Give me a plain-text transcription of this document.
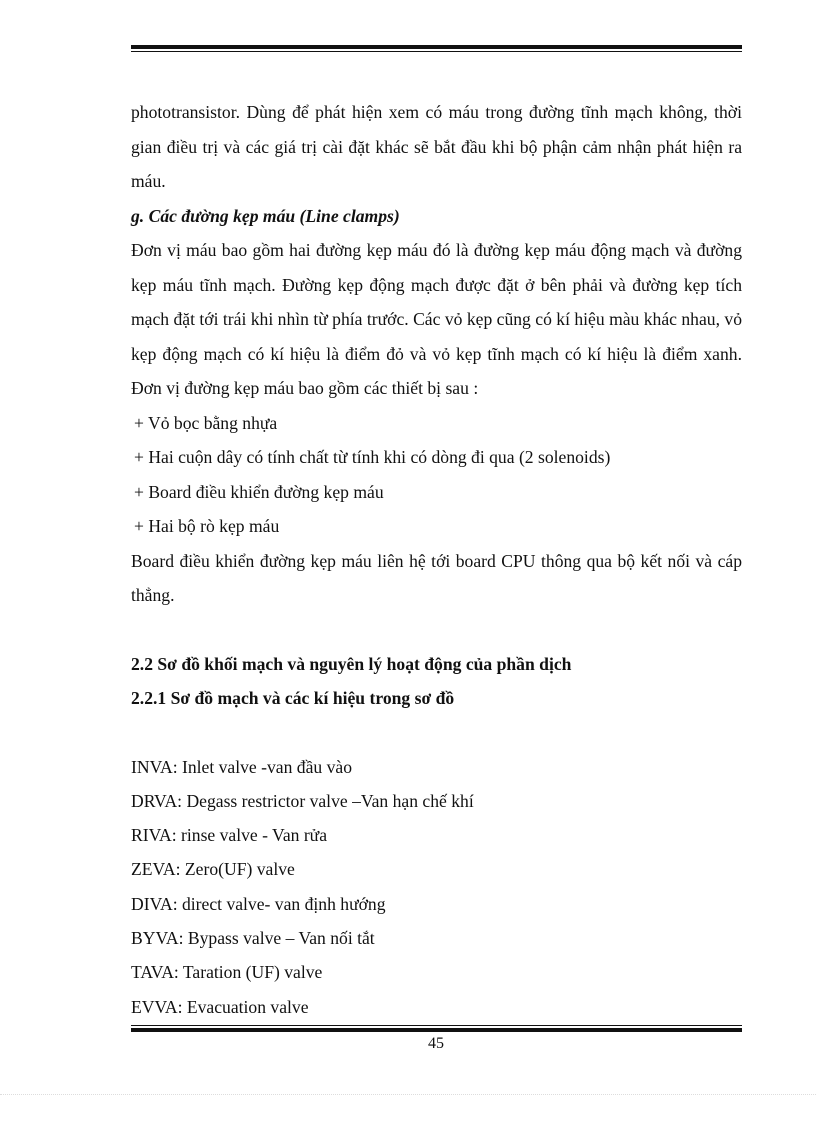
phototransistor. Dùng để phát hiện xem có máu trong đường tĩnh mạch không, thời gian điều trị và các giá trị cài đặt khác sẽ bắt đầu khi bộ phận cảm nhận phát hiện ra máu.

g. Các đường kẹp máu (Line clamps)

Đơn vị máu bao gồm hai đường kẹp máu đó là đường kẹp máu động mạch và đường kẹp máu tĩnh mạch. Đường kẹp động mạch được đặt ở bên phải và đường kẹp tích mạch đặt tới trái khi nhìn từ phía trước. Các vỏ kẹp cũng có kí hiệu màu khác nhau, vỏ kẹp động mạch có kí hiệu là điểm đỏ và vỏ kẹp tĩnh mạch có kí hiệu là điểm xanh. Đơn vị đường kẹp máu bao gồm các thiết bị sau :

+ Vỏ bọc bằng nhựa

+ Hai cuộn dây có tính chất từ tính khi có dòng đi qua (2 solenoids)

+ Board điều khiển đường kẹp máu

+ Hai bộ rò kẹp máu

Board điều khiển đường kẹp máu liên hệ tới board CPU thông qua bộ kết nối và cáp thẳng.

2.2 Sơ đồ khối mạch và nguyên lý hoạt động của phần dịch

2.2.1 Sơ đồ mạch và các kí hiệu trong sơ đồ

INVA: Inlet valve -van đầu vào

DRVA: Degass restrictor valve –Van hạn chế khí

RIVA: rinse valve - Van rửa

ZEVA: Zero(UF) valve

DIVA: direct valve- van định hướng

BYVA: Bypass valve – Van nối tắt

TAVA: Taration (UF) valve

EVVA: Evacuation valve

45
